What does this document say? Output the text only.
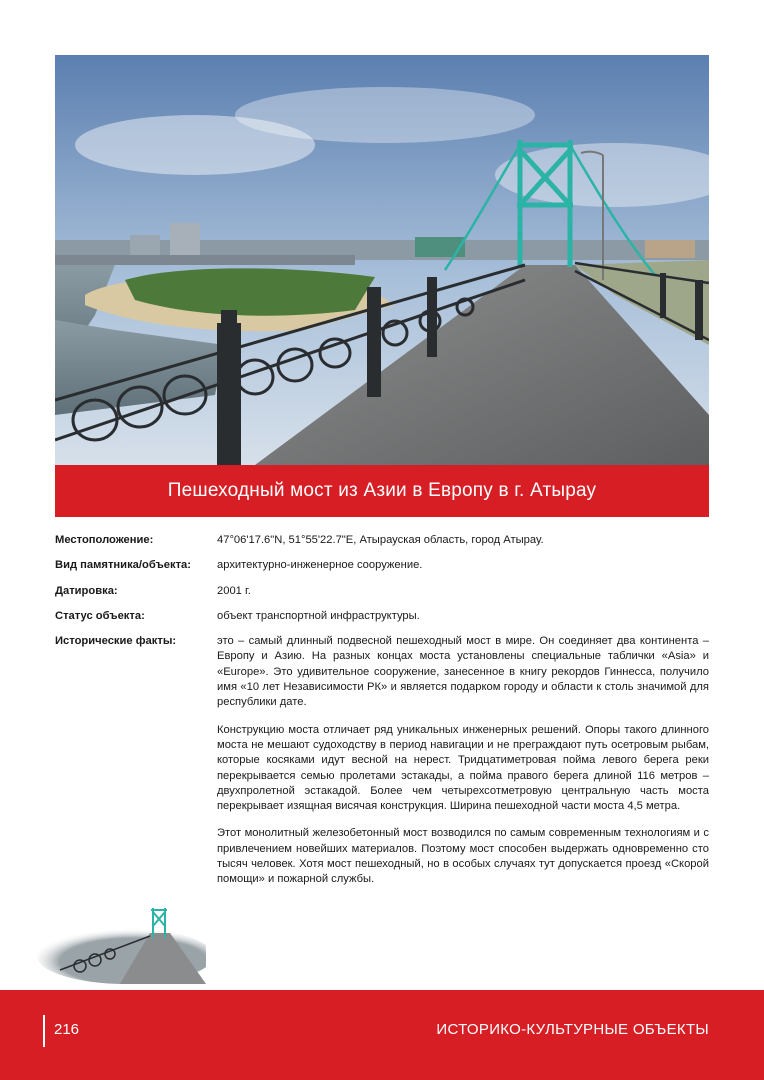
Пешеходный мост из Азии в Европу в г. Атырау
Местоположение:	47°06'17.6"N, 51°55'22.7"E, Атырауская область, город Атырау.
Вид памятника/объекта:	архитектурно-инженерное сооружение.
Датировка:	2001 г.
Статус объекта:	объект транспортной инфраструктуры.
Исторические факты:	это – самый длинный подвесной пешеходный мост в мире. Он соединяет два континента – Европу и Азию. На разных концах моста установлены специальные таблички «Asia» и «Europe». Это удивительное сооружение, занесенное в книгу рекордов Гиннесса, получило имя «10 лет Независимости РК» и является подарком городу и области к столь значимой для республики дате.

Конструкцию моста отличает ряд уникальных инженерных решений. Опоры такого длинного моста не мешают судоходству в период навигации и не преграждают путь осетровым рыбам, которые косяками идут весной на нерест. Тридцатиметровая пойма левого берега реки перекрывается семью пролетами эстакады, а пойма правого берега длиной 116 метров – двухпролетной эстакадой. Более чем четырехсотметровую центральную часть моста перекрывает изящная висячая конструкция. Ширина пешеходной части моста 4,5 метра.

Этот монолитный железобетонный мост возводился по самым современным технологиям и с привлечением новейших материалов. Поэтому мост способен выдержать одновременно сто тысяч человек. Хотя мост пешеходный, но в особых случаях тут допускается проезд «Скорой помощи» и пожарной службы.

216	ИСТОРИКО-КУЛЬТУРНЫЕ ОБЪЕКТЫ
